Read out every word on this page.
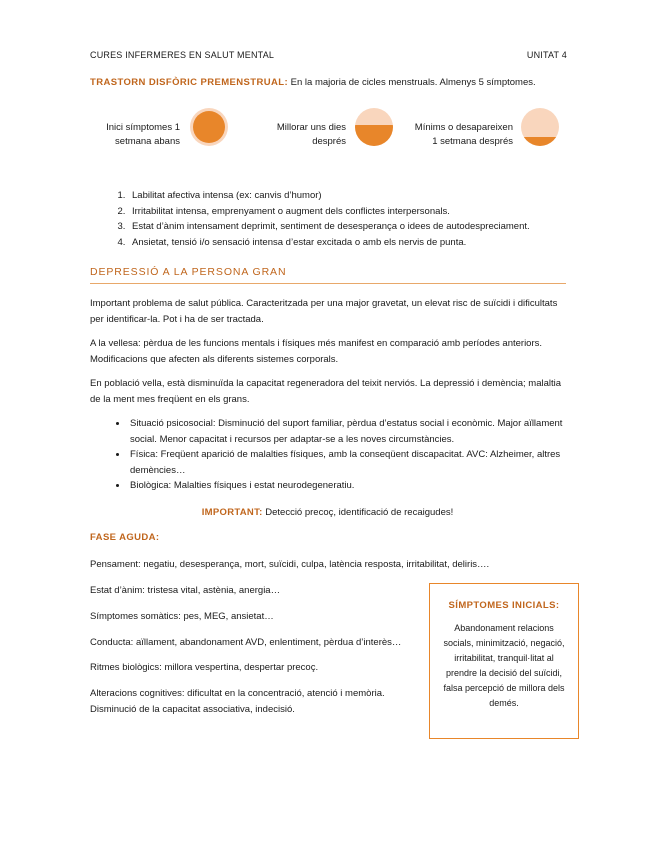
CURES INFERMERES EN SALUT MENTAL	UNITAT 4
TRASTORN DISFÒRIC PREMENSTRUAL: En la majoria de cicles menstruals. Almenys 5 símptomes.
Inici símptomes 1
setmana abans
Millorar uns dies
després
Mínims o desapareixen
1 setmana després
1. Labilitat afectiva intensa (ex: canvis d’humor)
2. Irritabilitat intensa, emprenyament o augment dels conflictes interpersonals.
3. Estat d’ànim intensament deprimit, sentiment de desesperança o idees de autodespreciament.
4. Ansietat, tensió i/o sensació intensa d’estar excitada o amb els nervis de punta.
DEPRESSIÓ A LA PERSONA GRAN

Important problema de salut pública. Caracteritzada per una major gravetat, un elevat risc de suïcidi i dificultats per identificar-la. Pot i ha de ser tractada.

A la vellesa: pèrdua de les funcions mentals i físiques més manifest en comparació amb períodes anteriors. Modificacions que afecten als diferents sistemes corporals.

En població vella, està disminuïda la capacitat regeneradora del teixit nerviós. La depressió i demència; malaltia de la ment mes freqüent en els grans.

• Situació psicosocial: Disminució del suport familiar, pèrdua d’estatus social i econòmic. Major aïllament social. Menor capacitat i recursos per adaptar-se a les noves circumstàncies.
• Física: Freqüent aparició de malalties físiques, amb la conseqüent discapacitat. AVC: Alzheimer, altres demències…
• Biològica: Malalties físiques i estat neurodegeneratiu.
IMPORTANT: Detecció precoç, identificació de recaigudes!
FASE AGUDA:
Pensament: negatiu, desesperança, mort, suïcidi, culpa, latència resposta, irritabilitat, deliris….
Estat d’ànim: tristesa vital, astènia, anergia…
Símptomes somàtics: pes, MEG, ansietat…
Conducta: aïllament, abandonament AVD, enlentiment, pèrdua d’interès…
Ritmes biològics: millora vespertina, despertar precoç.
Alteracions cognitives: dificultat en la concentració, atenció i memòria. Disminució de la capacitat associativa, indecisió.
SÍMPTOMES INICIALS:
Abandonament relacions socials, minimització, negació, irritabilitat, tranquil·litat al prendre la decisió del suïcidi, falsa percepció de millora dels demés.
